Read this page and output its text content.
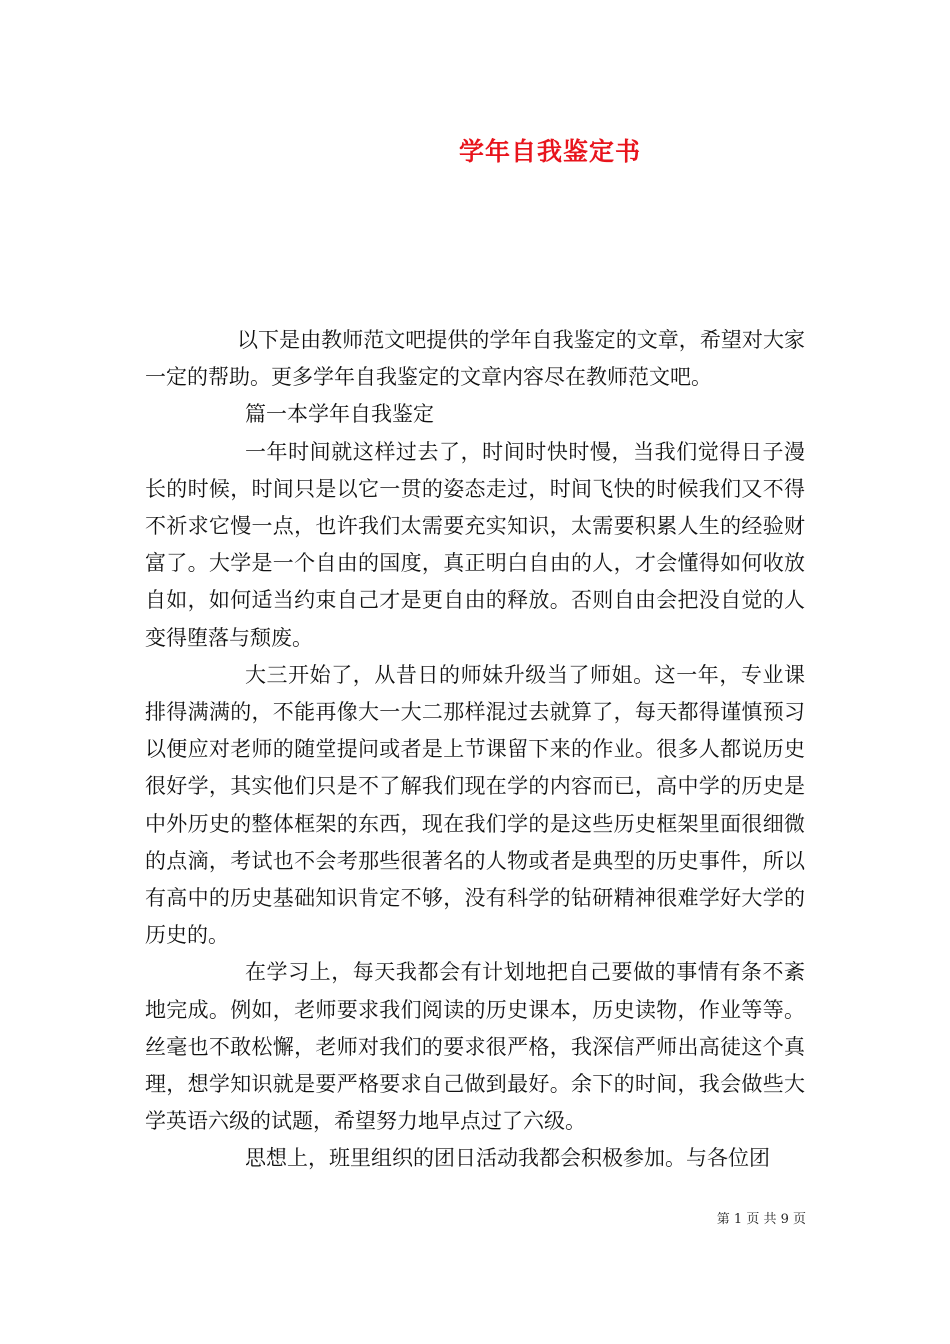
学年自我鉴定书

以下是由教师范文吧提供的学年自我鉴定的文章，希望对大家一定的帮助。更多学年自我鉴定的文章内容尽在教师范文吧。

篇一本学年自我鉴定

一年时间就这样过去了，时间时快时慢，当我们觉得日子漫长的时候，时间只是以它一贯的姿态走过，时间飞快的时候我们又不得不祈求它慢一点，也许我们太需要充实知识，太需要积累人生的经验财富了。大学是一个自由的国度，真正明白自由的人，才会懂得如何收放自如，如何适当约束自己才是更自由的释放。否则自由会把没自觉的人变得堕落与颓废。

大三开始了，从昔日的师妹升级当了师姐。这一年，专业课排得满满的，不能再像大一大二那样混过去就算了，每天都得谨慎预习以便应对老师的随堂提问或者是上节课留下来的作业。很多人都说历史很好学，其实他们只是不了解我们现在学的内容而已，高中学的历史是中外历史的整体框架的东西，现在我们学的是这些历史框架里面很细微的点滴，考试也不会考那些很著名的人物或者是典型的历史事件，所以有高中的历史基础知识肯定不够，没有科学的钻研精神很难学好大学的历史的。

在学习上，每天我都会有计划地把自己要做的事情有条不紊地完成。例如，老师要求我们阅读的历史课本，历史读物，作业等等。丝毫也不敢松懈，老师对我们的要求很严格，我深信严师出高徒这个真理，想学知识就是要严格要求自己做到最好。余下的时间，我会做些大学英语六级的试题，希望努力地早点过了六级。

思想上，班里组织的团日活动我都会积极参加。与各位团

第 1 页 共 9 页
